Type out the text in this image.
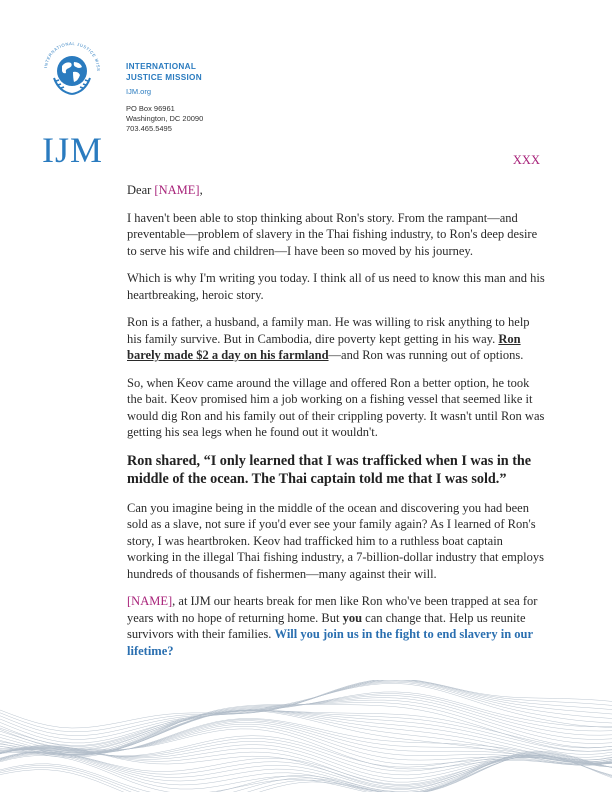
INTERNATIONAL JUSTICE MISS
IJM
INTERNATIONAL JUSTICE MISSION
IJM.org
PO Box 96961
Washington, DC 20090
703.465.5495
XXX

Dear [NAME],

I haven't been able to stop thinking about Ron's story. From the rampant—and preventable—problem of slavery in the Thai fishing industry, to Ron's deep desire to serve his wife and children—I have been so moved by his journey.

Which is why I'm writing you today. I think all of us need to know this man and his heartbreaking, heroic story.

Ron is a father, a husband, a family man. He was willing to risk anything to help his family survive. But in Cambodia, dire poverty kept getting in his way. Ron barely made $2 a day on his farmland—and Ron was running out of options.

So, when Keov came around the village and offered Ron a better option, he took the bait. Keov promised him a job working on a fishing vessel that seemed like it would dig Ron and his family out of their crippling poverty. It wasn't until Ron was getting his sea legs when he found out it wouldn't.

Ron shared, “I only learned that I was trafficked when I was in the middle of the ocean. The Thai captain told me that I was sold.”

Can you imagine being in the middle of the ocean and discovering you had been sold as a slave, not sure if you'd ever see your family again? As I learned of Ron's story, I was heartbroken. Keov had trafficked him to a ruthless boat captain working in the illegal Thai fishing industry, a 7-billion-dollar industry that employs hundreds of thousands of fishermen—many against their will.

[NAME], at IJM our hearts break for men like Ron who've been trapped at sea for years with no hope of returning home. But you can change that. Help us reunite survivors with their families. Will you join us in the fight to end slavery in our lifetime?
